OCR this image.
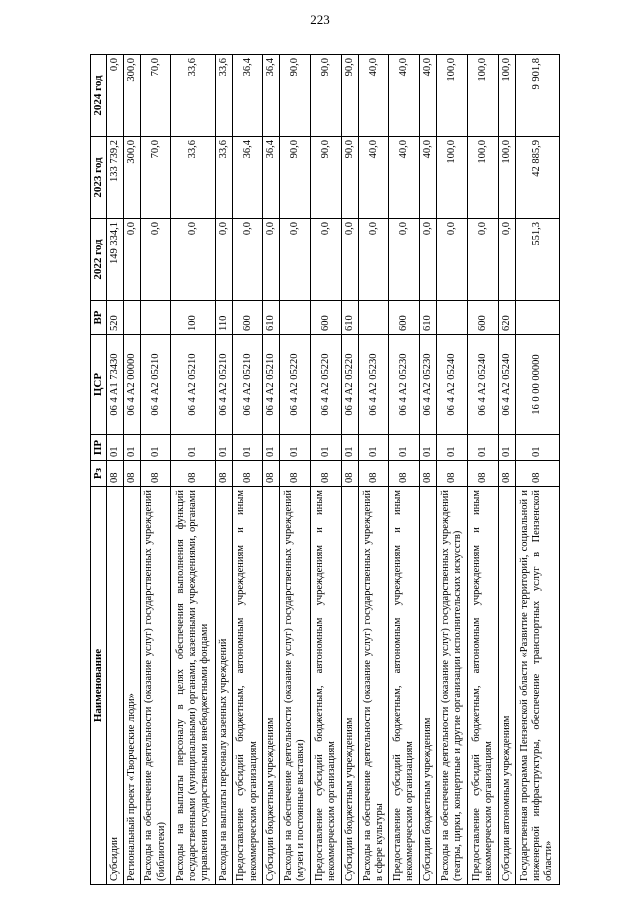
223
Наименование	Рз	ПР	ЦСР	ВР	2022 год	2023 год	2024 год
Субсидии	08	01	06 4 A1 73430	520	149 334,1	133 739,2	0,0
Региональный проект «Творческие люди»	08	01	06 4 A2 00000		0,0	300,0	300,0
Расходы на обеспечение деятельности (оказание услуг) государственных учреждений (библиотеки)	08	01	06 4 A2 05210		0,0	70,0	70,0
Расходы на выплаты персоналу в целях обеспечения выполнения функций государственными (муниципальными) органами, казенными учреждениями, органами управления государственными внебюджетными фондами	08	01	06 4 A2 05210	100	0,0	33,6	33,6
Расходы на выплаты персоналу казенных учреждений	08	01	06 4 A2 05210	110	0,0	33,6	33,6
Предоставление субсидий бюджетным, автономным учреждениям и иным некоммерческим организациям	08	01	06 4 A2 05210	600	0,0	36,4	36,4
Субсидии бюджетным учреждениям	08	01	06 4 A2 05210	610	0,0	36,4	36,4
Расходы на обеспечение деятельности (оказание услуг) государственных учреждений (музеи и постоянные выставки)	08	01	06 4 A2 05220		0,0	90,0	90,0
Предоставление субсидий бюджетным, автономным учреждениям и иным некоммерческим организациям	08	01	06 4 A2 05220	600	0,0	90,0	90,0
Субсидии бюджетным учреждениям	08	01	06 4 A2 05220	610	0,0	90,0	90,0
Расходы на обеспечение деятельности (оказание услуг) государственных учреждений в сфере культуры	08	01	06 4 A2 05230		0,0	40,0	40,0
Предоставление субсидий бюджетным, автономным учреждениям и иным некоммерческим организациям	08	01	06 4 A2 05230	600	0,0	40,0	40,0
Субсидии бюджетным учреждениям	08	01	06 4 A2 05230	610	0,0	40,0	40,0
Расходы на обеспечение деятельности (оказание услуг) государственных учреждений (театры, цирки, концертные и другие организации исполнительских искусств)	08	01	06 4 A2 05240		0,0	100,0	100,0
Предоставление субсидий бюджетным, автономным учреждениям и иным некоммерческим организациям	08	01	06 4 A2 05240	600	0,0	100,0	100,0
Субсидии автономным учреждениям	08	01	06 4 A2 05240	620	0,0	100,0	100,0
Государственная программа Пензенской области «Развитие территорий, социальной и инженерной инфраструктуры, обеспечение транспортных услуг в Пензенской области»	08	01	16 0 00 00000		551,3	42 885,9	9 901,8
